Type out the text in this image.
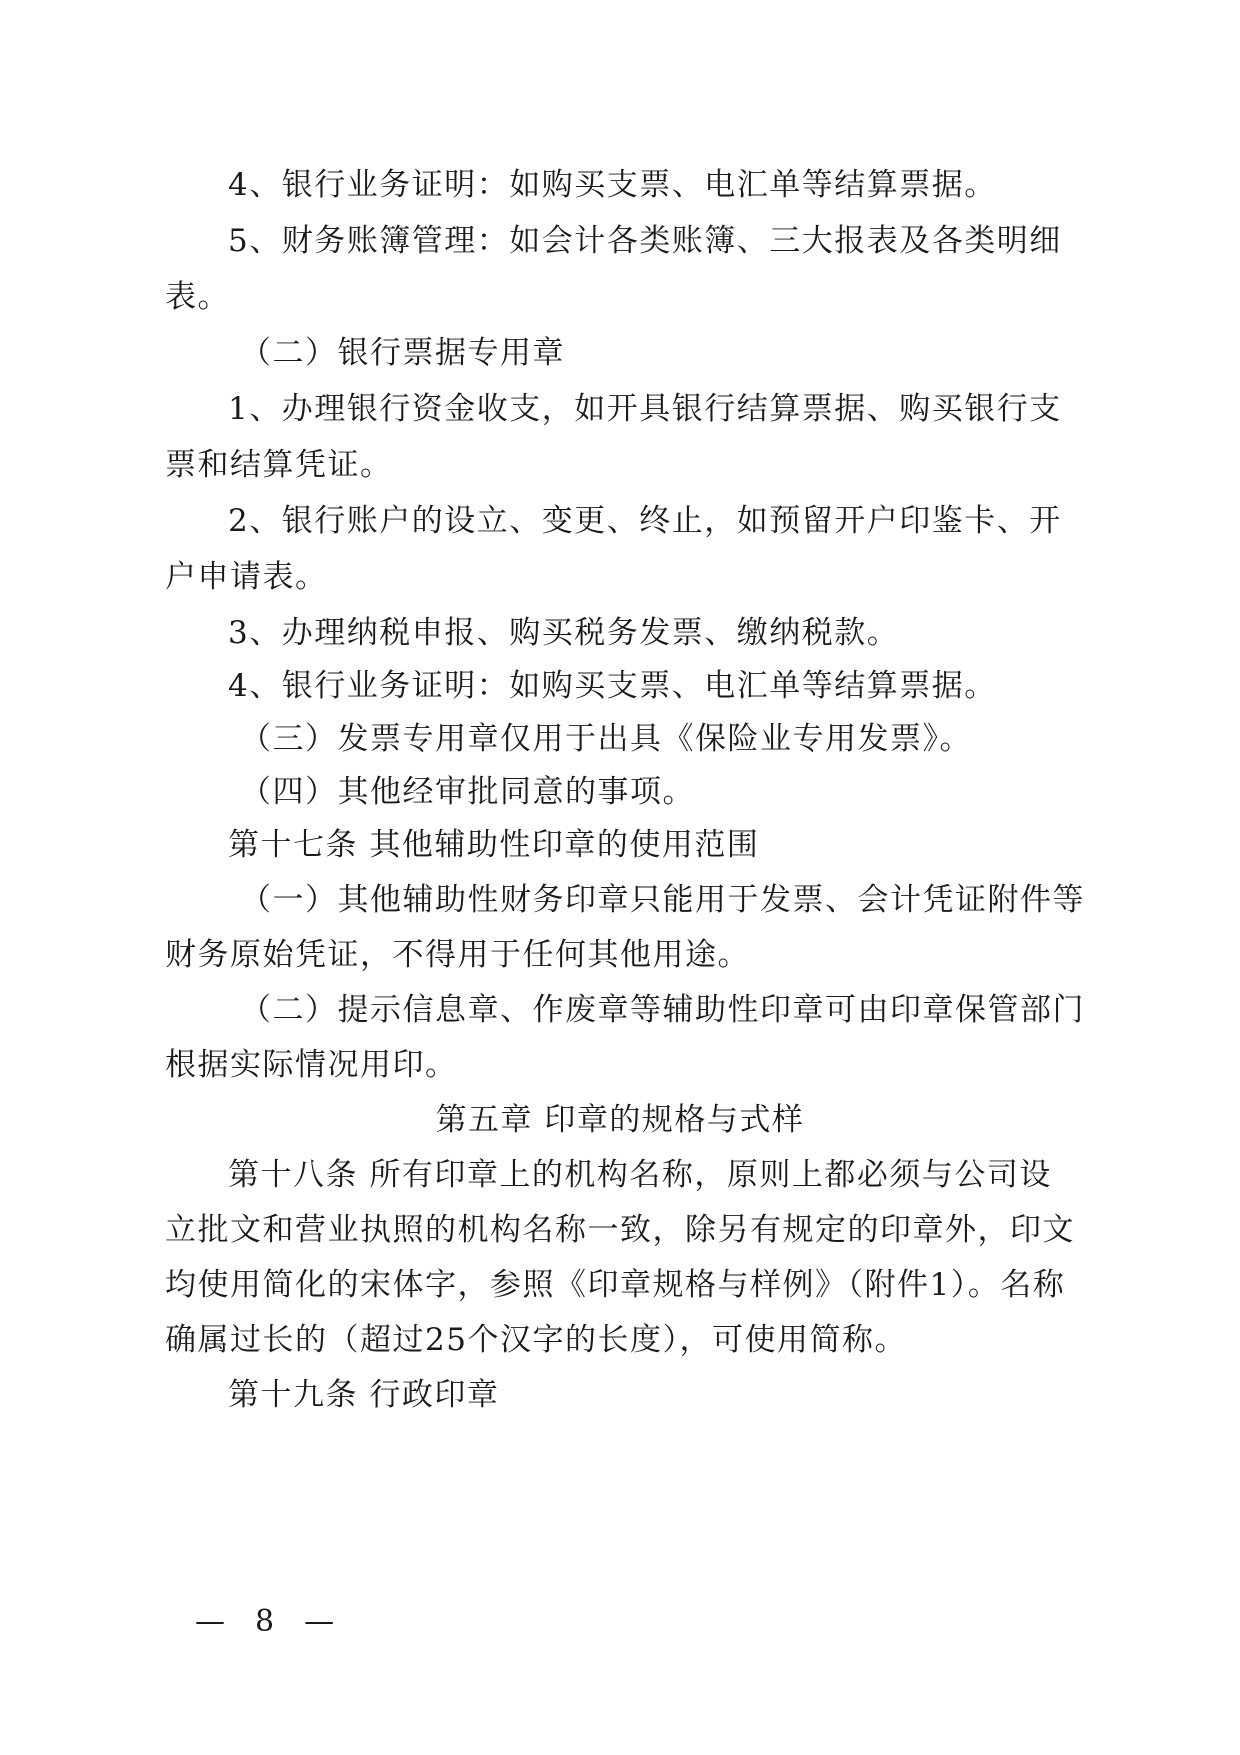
4、银行业务证明：如购买支票、电汇单等结算票据。
5、财务账簿管理：如会计各类账簿、三大报表及各类明细
表。
（二）银行票据专用章
1、办理银行资金收支，如开具银行结算票据、购买银行支
票和结算凭证。
2、银行账户的设立、变更、终止，如预留开户印鉴卡、开
户申请表。
3、办理纳税申报、购买税务发票、缴纳税款。
4、银行业务证明：如购买支票、电汇单等结算票据。
（三）发票专用章仅用于出具《保险业专用发票》。
（四）其他经审批同意的事项。
第十七条 其他辅助性印章的使用范围
（一）其他辅助性财务印章只能用于发票、会计凭证附件等
财务原始凭证，不得用于任何其他用途。
（二）提示信息章、作废章等辅助性印章可由印章保管部门
根据实际情况用印。
第五章 印章的规格与式样
第十八条 所有印章上的机构名称，原则上都必须与公司设
立批文和营业执照的机构名称一致，除另有规定的印章外，印文
均使用简化的宋体字，参照《印章规格与样例》（附件1）。名称
确属过长的（超过25个汉字的长度），可使用简称。
第十九条 行政印章
— 8 —
